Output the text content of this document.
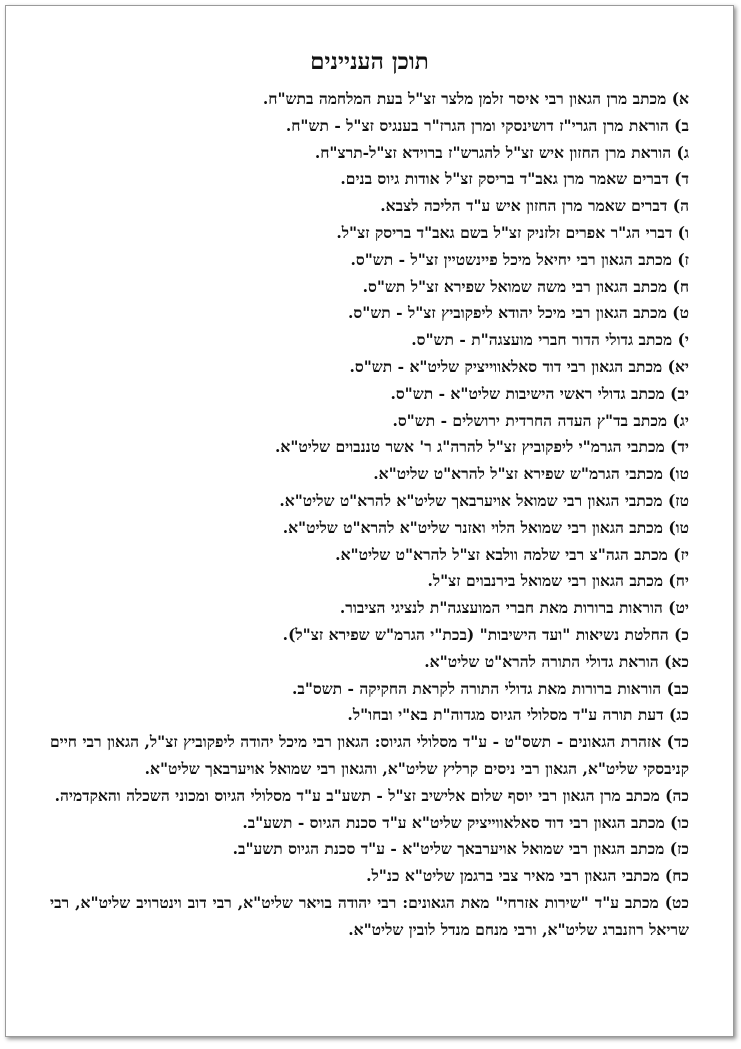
תוכן העניינים
א) מכתב מרן הגאון רבי איסר זלמן מלצר זצ"ל בעת המלחמה בתש"ח.
ב) הוראת מרן הגרי"ז דושינסקי ומרן הגרז"ר בענגיס זצ"ל - תש"ח.
ג) הוראת מרן החזון איש זצ"ל להגרש"ז ברוידא זצ"ל-תרצ"ח.
ד) דברים שאמר מרן גאב"ד בריסק זצ"ל אודות גיוס בנים.
ה) דברים שאמר מרן החזון איש ע"ד הליכה לצבא.
ו) דברי הג"ר אפרים זלזניק זצ"ל בשם גאב"ד בריסק זצ"ל.
ז) מכתב הגאון רבי יחיאל מיכל פיינשטיין זצ"ל - תש"ס.
ח) מכתב הגאון רבי משה שמואל שפירא זצ"ל תש"ס.
ט) מכתב הגאון רבי מיכל יהודא ליפקוביץ זצ"ל - תש"ס.
י) מכתב גדולי הדור חברי מועצגה"ת - תש"ס.
יא) מכתב הגאון רבי דוד סאלאווייציק שליט"א - תש"ס.
יב) מכתב גדולי ראשי הישיבות שליט"א - תש"ס.
יג) מכתב בד"ץ העדה החרדית ירושלים - תש"ס.
יד) מכתבי הגרמ"י ליפקוביץ זצ"ל להרה"ג ר' אשר טננבוים שליט"א.
טו) מכתבי הגרמ"ש שפירא זצ"ל להרא"ט שליט"א.
טז) מכתבי הגאון רבי שמואל אויערבאך שליט"א להרא"ט שליט"א.
טו) מכתב הגאון רבי שמואל הלוי ואזנר שליט"א להרא"ט שליט"א.
יז) מכתב הגה"צ רבי שלמה וולבא זצ"ל להרא"ט שליט"א.
יח) מכתב הגאון רבי שמואל בירנבוים זצ"ל.
יט) הוראות ברורות מאת חברי המועצגה"ת לנציגי הציבור.
כ) החלטת נשיאות "ועד הישיבות" (בכת"י הגרמ"ש שפירא זצ"ל).
כא) הוראת גדולי התורה להרא"ט שליט"א.
כב) הוראות ברורות מאת גדולי התורה לקראת החקיקה - תשס"ב.
כג) דעת תורה ע"ד מסלולי הגיוס מגדוה"ת בא"י ובחו"ל.
כד) אזהרת הגאונים - תשס"ט - ע"ד מסלולי הגיוס: הגאון רבי מיכל יהודה ליפקוביץ זצ"ל, הגאון רבי חיים קניבסקי שליט"א, הגאון רבי ניסים קרליץ שליט"א, והגאון רבי שמואל אויערבאך שליט"א.
כה) מכתב מרן הגאון רבי יוסף שלום אלישיב זצ"ל - תשע"ב ע"ד מסלולי הגיוס ומכוני השכלה והאקדמיה.
כו) מכתב הגאון רבי דוד סאלאווייציק שליט"א ע"ד סכנת הגיוס - תשע"ב.
כז) מכתב הגאון רבי שמואל אויערבאך שליט"א - ע"ד סכנת הגיוס תשע"ב.
כח) מכתבי הגאון רבי מאיר צבי ברגמן שליט"א כנ"ל.
כט) מכתב ע"ד "שירות אזרחי" מאת הגאונים: רבי יהודה בויאר שליט"א, רבי דוב וינטרויב שליט"א, רבי שריאל רוזנברג שליט"א, ורבי מנחם מנדל לובין שליט"א.
